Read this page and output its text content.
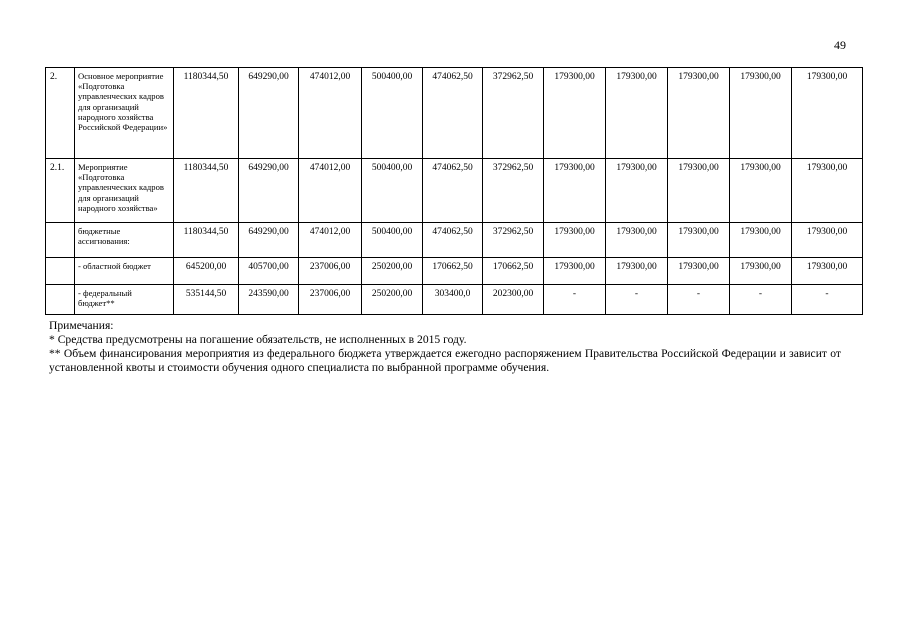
49
2.	Основное мероприятие «Подготовка управленческих кадров для организаций народного хозяйства Российской Федерации»	1180344,50	649290,00	474012,00	500400,00	474062,50	372962,50	179300,00	179300,00	179300,00	179300,00	179300,00
2.1.	Мероприятие «Подготовка управленческих кадров для организаций народного хозяйства»	1180344,50	649290,00	474012,00	500400,00	474062,50	372962,50	179300,00	179300,00	179300,00	179300,00	179300,00
	бюджетные ассигнования:	1180344,50	649290,00	474012,00	500400,00	474062,50	372962,50	179300,00	179300,00	179300,00	179300,00	179300,00
	- областной бюджет	645200,00	405700,00	237006,00	250200,00	170662,50	170662,50	179300,00	179300,00	179300,00	179300,00	179300,00
	- федеральный бюджет**	535144,50	243590,00	237006,00	250200,00	303400,0	202300,00	-	-	-	-	-

Примечания:

* Средства предусмотрены на погашение обязательств, не исполненных в 2015 году.

** Объем финансирования мероприятия из федерального бюджета утверждается ежегодно распоряжением Правительства Российской Федерации и зависит от установленной квоты и стоимости обучения одного специалиста по выбранной программе обучения.
